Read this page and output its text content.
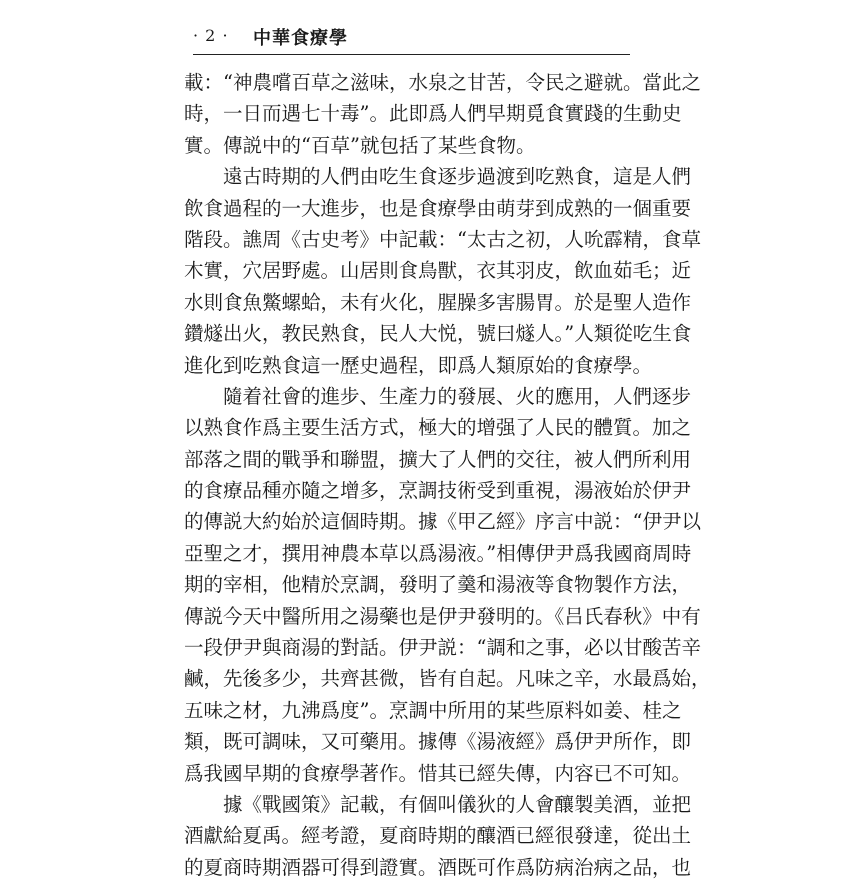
· 2 · 中華食療學
載：“神農嚐百草之滋味，水泉之甘苦，令民之避就。當此之
時，一日而遇七十毒”。此即爲人們早期覓食實踐的生動史
實。傳説中的“百草”就包括了某些食物。
遠古時期的人們由吃生食逐步過渡到吃熟食，這是人們
飲食過程的一大進步，也是食療學由萌芽到成熟的一個重要
階段。譙周《古史考》中記載：“太古之初，人吮霹精，食草
木實，穴居野處。山居則食鳥獸，衣其羽皮，飲血茹毛；近
水則食魚鱉螺蛤，未有火化，腥臊多害腸胃。於是聖人造作
鑽燧出火，教民熟食，民人大悦，號曰燧人。”人類從吃生食
進化到吃熟食這一歷史過程，即爲人類原始的食療學。
隨着社會的進步、生產力的發展、火的應用，人們逐步
以熟食作爲主要生活方式，極大的增强了人民的體質。加之
部落之間的戰爭和聯盟，擴大了人們的交往，被人們所利用
的食療品種亦隨之增多，烹調技術受到重視，湯液始於伊尹
的傳説大約始於這個時期。據《甲乙經》序言中説：“伊尹以
亞聖之才，撰用神農本草以爲湯液。”相傳伊尹爲我國商周時
期的宰相，他精於烹調，發明了羹和湯液等食物製作方法，
傳説今天中醫所用之湯藥也是伊尹發明的。《吕氏春秋》中有
一段伊尹與商湯的對話。伊尹説：“調和之事，必以甘酸苦辛
鹹，先後多少，共齊甚微，皆有自起。凡味之辛，水最爲始，
五味之材，九沸爲度”。烹調中所用的某些原料如姜、桂之
類，既可調味，又可藥用。據傳《湯液經》爲伊尹所作，即
爲我國早期的食療學著作。惜其已經失傳，内容已不可知。
據《戰國策》記載，有個叫儀狄的人會釀製美酒，並把
酒獻給夏禹。經考證，夏商時期的釀酒已經很發達，從出土
的夏商時期酒器可得到證實。酒既可作爲防病治病之品，也
